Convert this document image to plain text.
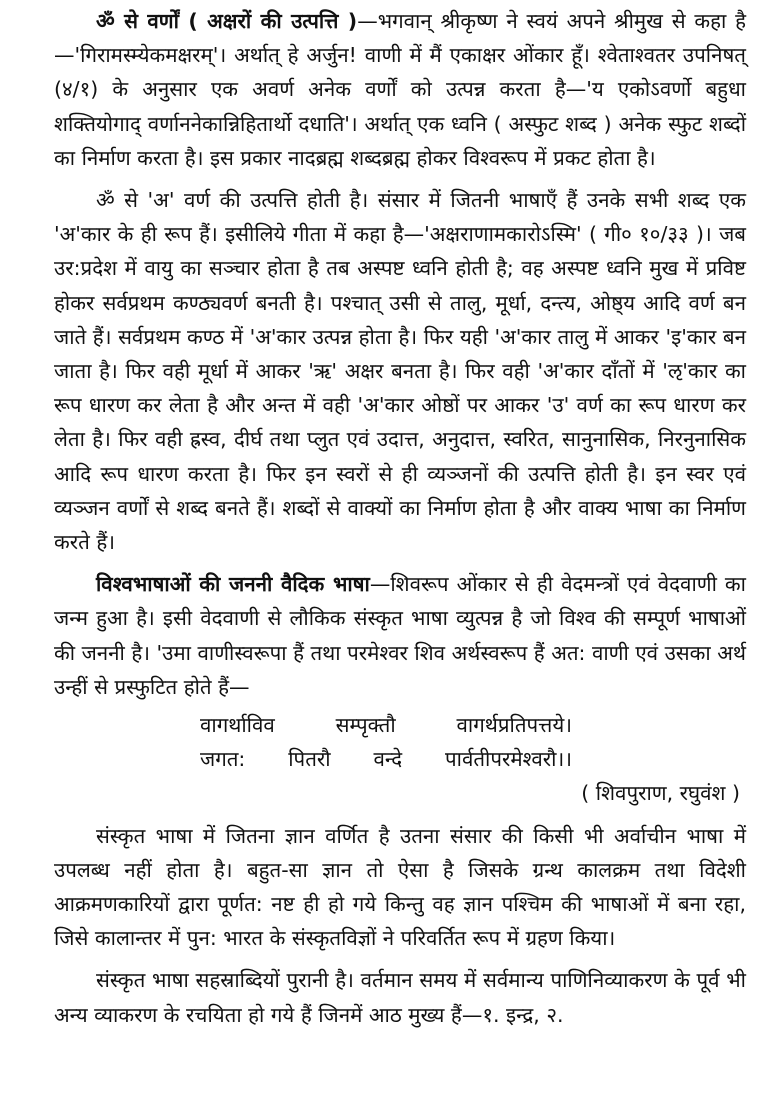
ॐ से वर्णों ( अक्षरों की उत्पत्ति )—भगवान् श्रीकृष्ण ने स्वयं अपने श्रीमुख से कहा है—'गिरामस्म्येकमक्षरम्'। अर्थात् हे अर्जुन! वाणी में मैं एकाक्षर ओंकार हूँ। श्वेताश्वतर उपनिषत् (४/१) के अनुसार एक अवर्ण अनेक वर्णों को उत्पन्न करता है—'य एकोऽवर्णो बहुधा शक्तियोगाद् वर्णाननेकान्निहितार्थो दधाति'। अर्थात् एक ध्वनि ( अस्फुट शब्द ) अनेक स्फुट शब्दों का निर्माण करता है। इस प्रकार नादब्रह्म शब्दब्रह्म होकर विश्वरूप में प्रकट होता है।

ॐ से 'अ' वर्ण की उत्पत्ति होती है। संसार में जितनी भाषाएँ हैं उनके सभी शब्द एक 'अ'कार के ही रूप हैं। इसीलिये गीता में कहा है—'अक्षराणामकारोऽस्मि' ( गी० १०/३३ )। जब उर:प्रदेश में वायु का सञ्चार होता है तब अस्पष्ट ध्वनि होती है; वह अस्पष्ट ध्वनि मुख में प्रविष्ट होकर सर्वप्रथम कण्ठ्यवर्ण बनती है। पश्चात् उसी से तालु, मूर्धा, दन्त्य, ओष्ठ्य आदि वर्ण बन जाते हैं। सर्वप्रथम कण्ठ में 'अ'कार उत्पन्न होता है। फिर यही 'अ'कार तालु में आकर 'इ'कार बन जाता है। फिर वही मूर्धा में आकर 'ऋ' अक्षर बनता है। फिर वही 'अ'कार दाँतों में 'ऌ'कार का रूप धारण कर लेता है और अन्त में वही 'अ'कार ओष्ठों पर आकर 'उ' वर्ण का रूप धारण कर लेता है। फिर वही ह्रस्व, दीर्घ तथा प्लुत एवं उदात्त, अनुदात्त, स्वरित, सानुनासिक, निरनुनासिक आदि रूप धारण करता है। फिर इन स्वरों से ही व्यञ्जनों की उत्पत्ति होती है। इन स्वर एवं व्यञ्जन वर्णों से शब्द बनते हैं। शब्दों से वाक्यों का निर्माण होता है और वाक्य भाषा का निर्माण करते हैं।

विश्वभाषाओं की जननी वैदिक भाषा—शिवरूप ओंकार से ही वेदमन्त्रों एवं वेदवाणी का जन्म हुआ है। इसी वेदवाणी से लौकिक संस्कृत भाषा व्युत्पन्न है जो विश्व की सम्पूर्ण भाषाओं की जननी है। 'उमा वाणीस्वरूपा हैं तथा परमेश्वर शिव अर्थस्वरूप हैं अत: वाणी एवं उसका अर्थ उन्हीं से प्रस्फुटित होते हैं—

वागर्थाविव	सम्पृक्तौ	वागर्थप्रतिपत्तये।
जगत: पितरौ वन्दे पार्वतीपरमेश्वरौ।।
( शिवपुराण, रघुवंश )

संस्कृत भाषा में जितना ज्ञान वर्णित है उतना संसार की किसी भी अर्वाचीन भाषा में उपलब्ध नहीं होता है। बहुत-सा ज्ञान तो ऐसा है जिसके ग्रन्थ कालक्रम तथा विदेशी आक्रमणकारियों द्वारा पूर्णत: नष्ट ही हो गये किन्तु वह ज्ञान पश्चिम की भाषाओं में बना रहा, जिसे कालान्तर में पुन: भारत के संस्कृतविज्ञों ने परिवर्तित रूप में ग्रहण किया।

संस्कृत भाषा सहस्राब्दियों पुरानी है। वर्तमान समय में सर्वमान्य पाणिनिव्याकरण के पूर्व भी अन्य व्याकरण के रचयिता हो गये हैं जिनमें आठ मुख्य हैं—१. इन्द्र, २.
